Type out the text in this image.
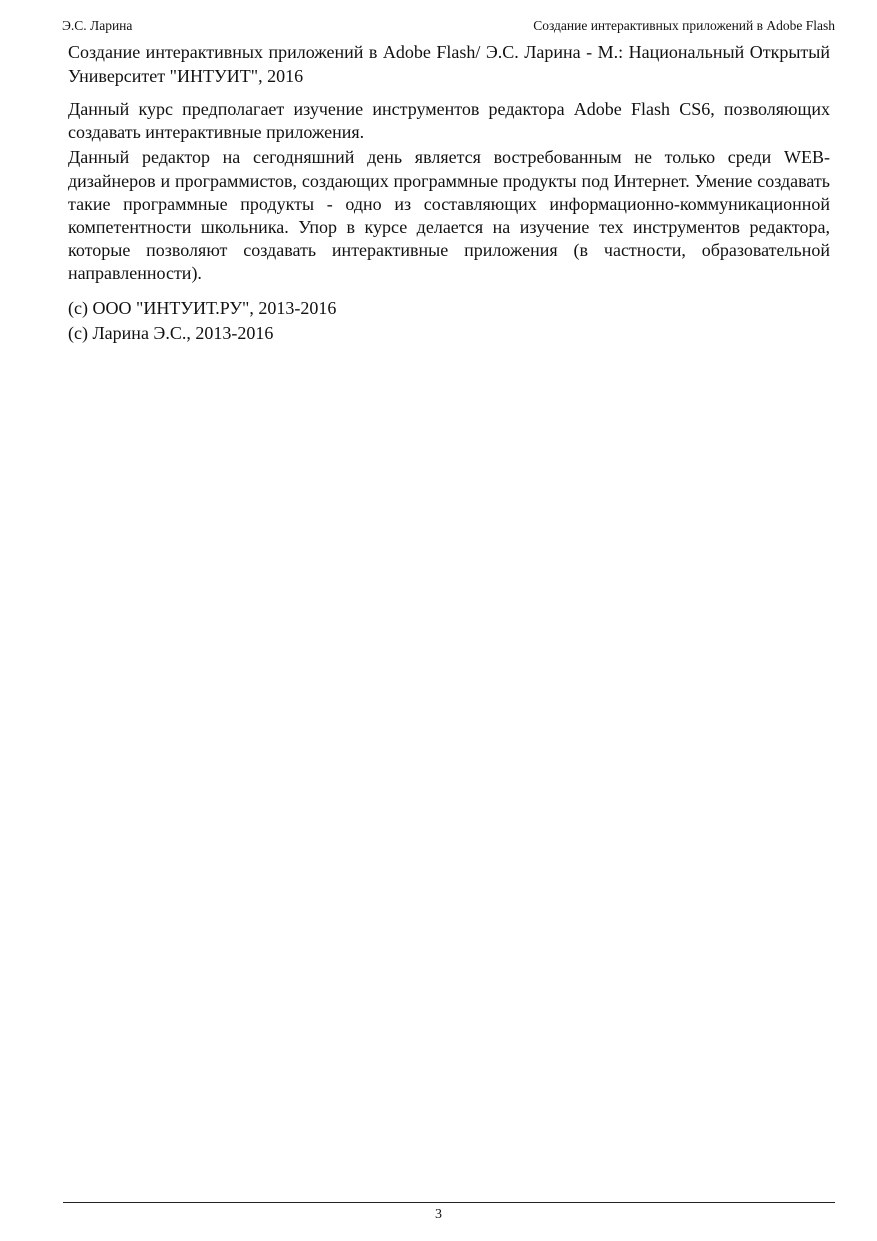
Э.С. Ларина	Создание интерактивных приложений в Adobe Flash

Создание интерактивных приложений в Adobe Flash/ Э.С. Ларина - М.: Национальный Открытый Университет "ИНТУИТ", 2016

Данный курс предполагает изучение инструментов редактора Adobe Flash CS6, позволяющих создавать интерактивные приложения.

Данный редактор на сегодняшний день является востребованным не только среди WEB-дизайнеров и программистов, создающих программные продукты под Интернет. Умение создавать такие программные продукты - одно из составляющих информационно-коммуникационной компетентности школьника. Упор в курсе делается на изучение тех инструментов редактора, которые позволяют создавать интерактивные приложения (в частности, образовательной направленности).

(c) ООО "ИНТУИТ.РУ", 2013-2016
(c) Ларина Э.С., 2013-2016
3
